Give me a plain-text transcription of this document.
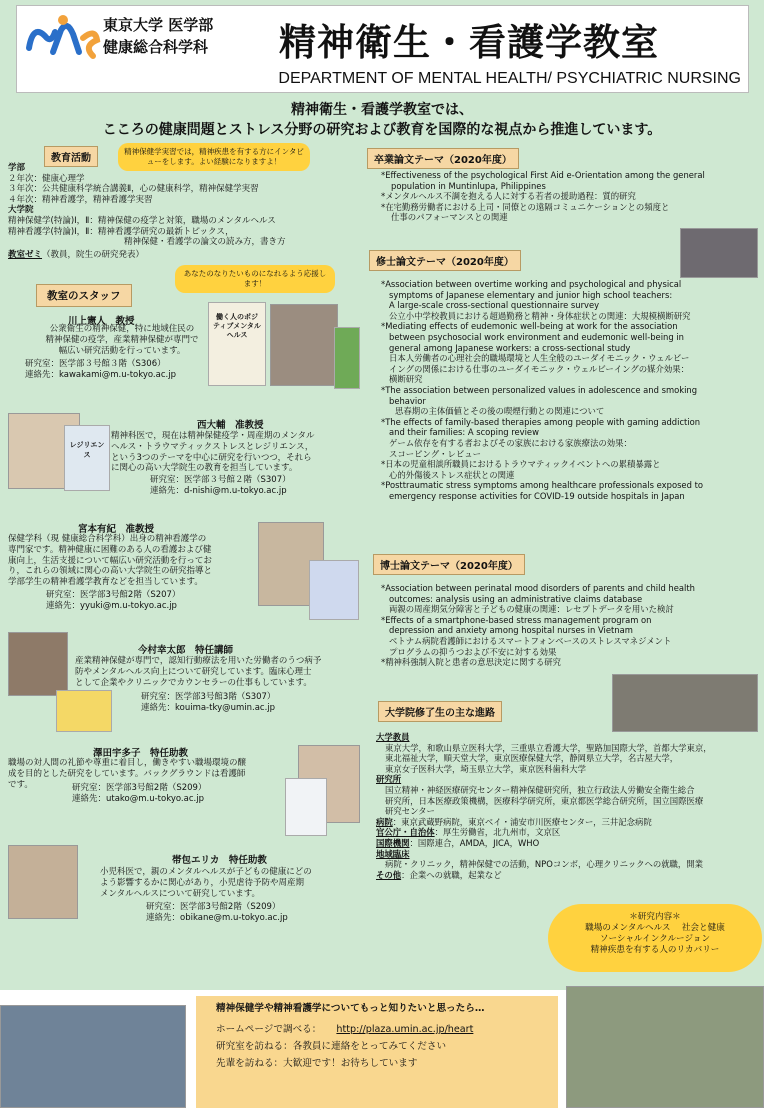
東京大学 医学部
健康総合科学科 精神衛生・看護学教室
DEPARTMENT OF MENTAL HEALTH/ PSYCHIATRIC NURSING
精神衛生・看護学教室では、
こころの健康問題とストレス分野の研究および教育を国際的な視点から推進しています。
教育活動
精神保健学実習では，精神疾患を有する方にインタビューをします。よい経験になりますよ！
学部
２年次：健康心理学
３年次：公共健康科学統合講義Ⅱ，心の健康科学，精神保健学実習
４年次：精神看護学，精神看護学実習
大学院
精神保健学(特論)Ⅰ，Ⅱ：精神保健の疫学と対策，職場のメンタルヘルス
精神看護学(特論)Ⅰ，Ⅱ：精神看護学研究の最新トピックス，
精神保健・看護学の論文の読み方，書き方
教室ゼミ（教員，院生の研究発表）
あなたのなりたいものになれるよう応援します！
教室のスタッフ
川上憲人　教授
公衆衛生の精神保健，特に地域住民の
精神保健の疫学，産業精神保健が専門で
幅広い研究活動を行っています。
研究室：医学部３号館３階（S306）
連絡先：kawakami@m.u-tokyo.ac.jp
働く人のポジティブメンタルヘルス
レジリエンス
西大輔　准教授
精神科医で，現在は精神保健疫学・周産期のメンタル
ヘルス・トラウマティックストレスとレジリエンス，
という3つのテーマを中心に研究を行いつつ，それら
に関心の高い大学院生の教育を担当しています。
研究室：医学部３号館２階（S307）
連絡先：d-nishi@m.u-tokyo.ac.jp
宮本有紀　准教授
保健学科（現 健康総合科学科）出身の精神看護学の
専門家です。精神健康に困難のある人の看護および健
康向上，生活支援について幅広い研究活動を行ってお
り，これらの領域に関心の高い大学院生の研究指導と
学部学生の精神看護学教育などを担当しています。
研究室：医学部3号館2階（S207）
連絡先：yyuki@m.u-tokyo.ac.jp
今村幸太郎　特任講師
産業精神保健が専門で，認知行動療法を用いた労働者のうつ病予
防やメンタルヘルス向上について研究しています。臨床心理士
として企業やクリニックでカウンセラーの仕事もしています。
研究室：医学部3号館3階（S307）
連絡先：kouima-tky@umin.ac.jp
澤田宇多子　特任助教
職場の対人間の礼節や尊重に着目し，働きやすい職場環境の醸
成を目的とした研究をしています。バックグラウンドは看護師
です。	研究室：医学部3号館2階（S209）
連絡先：utako@m.u-tokyo.ac.jp
帯包エリカ　特任助教
小児科医で，親のメンタルヘルスが子どもの健康にどの
よう影響するかに関心があり，小児虐待予防や周産期
メンタルヘルスについて研究しています。
研究室：医学部3号館2階（S209）
連絡先：obikane@m.u-tokyo.ac.jp
卒業論文テーマ（2020年度）
*Effectiveness of the psychological First Aid e-Orientation among the general
population in Muntinlupa, Philippines
*メンタルヘルス不調を抱える人に対する若者の援助過程：質的研究
*在宅勤務労働者における上司・同僚との遠隔コミュニケーションとの頻度と
仕事のパフォーマンスとの関連
修士論文テーマ（2020年度）
*Association between overtime working and psychological and physical
symptoms of Japanese elementary and junior high school teachers:
A large-scale cross-sectional questionnaire survey
公立小中学校教員における超過勤務と精神・身体症状との関連：大規模横断研究
*Mediating effects of eudemonic well-being at work for the association
between psychosocial work environment and eudemonic well-being in
general among Japanese workers: a cross-sectional study
日本人労働者の心理社会的職場環境と人生全般のユーダイモニック・ウェルビー
イングの関係における仕事のユーダイモニック・ウェルビーイングの媒介効果：
横断研究
*The association between personalized values in adolescence and smoking
behavior
思春期の主体価値とその後の喫煙行動との関連について
*The effects of family-based therapies among people with gaming addiction
and their families: A scoping review
ゲーム依存を有する者およびその家族における家族療法の効果：
スコーピング・レビュー
*日本の児童相談所職員におけるトラウマティックイベントへの累積暴露と
心的外傷後ストレス症状との関連
*Posttraumatic stress symptoms among healthcare professionals exposed to
emergency response activities for COVID-19 outside hospitals in Japan
博士論文テーマ（2020年度）
*Association between perinatal mood disorders of parents and child health
outcomes: analysis using an administrative claims database
両親の周産期気分障害と子どもの健康の関連：レセプトデータを用いた検討
*Effects of a smartphone-based stress management program on
depression and anxiety among hospital nurses in Vietnam
ベトナム病院看護師におけるスマートフォンベースのストレスマネジメント
プログラムの抑うつおよび不安に対する効果
*精神科強制入院と患者の意思決定に関する研究
大学院修了生の主な進路
大学教員
東京大学，和歌山県立医科大学，三重県立看護大学，聖路加国際大学，首都大学東京，
東北福祉大学，順天堂大学，東京医療保健大学，静岡県立大学，名古屋大学，
東京女子医科大学，埼玉県立大学，東京医科歯科大学
研究所
国立精神・神経医療研究センター精神保健研究所，独立行政法人労働安全衛生総合
研究所，日本医療政策機構，医療科学研究所，東京都医学総合研究所，国立国際医療
研究センター
病院：東京武蔵野病院，東京ベイ・浦安市川医療センター，三井記念病院
官公庁・自治体：厚生労働省，北九州市，文京区
国際機関：国際連合，AMDA，JICA，WHO
地域臨床
病院・クリニック，精神保健での活動，NPOコンボ，心理クリニックへの就職，開業
その他：企業への就職，起業など
＊研究内容＊
職場のメンタルヘルス　 社会と健康
ソーシャルインクルージョン
精神疾患を有する人のリカバリー
精神保健学や精神看護学についてもっと知りたいと思ったら…
ホームページで調べる： http://plaza.umin.ac.jp/heart
研究室を訪ねる：各教員に連絡をとってみてください
先輩を訪ねる：大歓迎です！お待ちしています
